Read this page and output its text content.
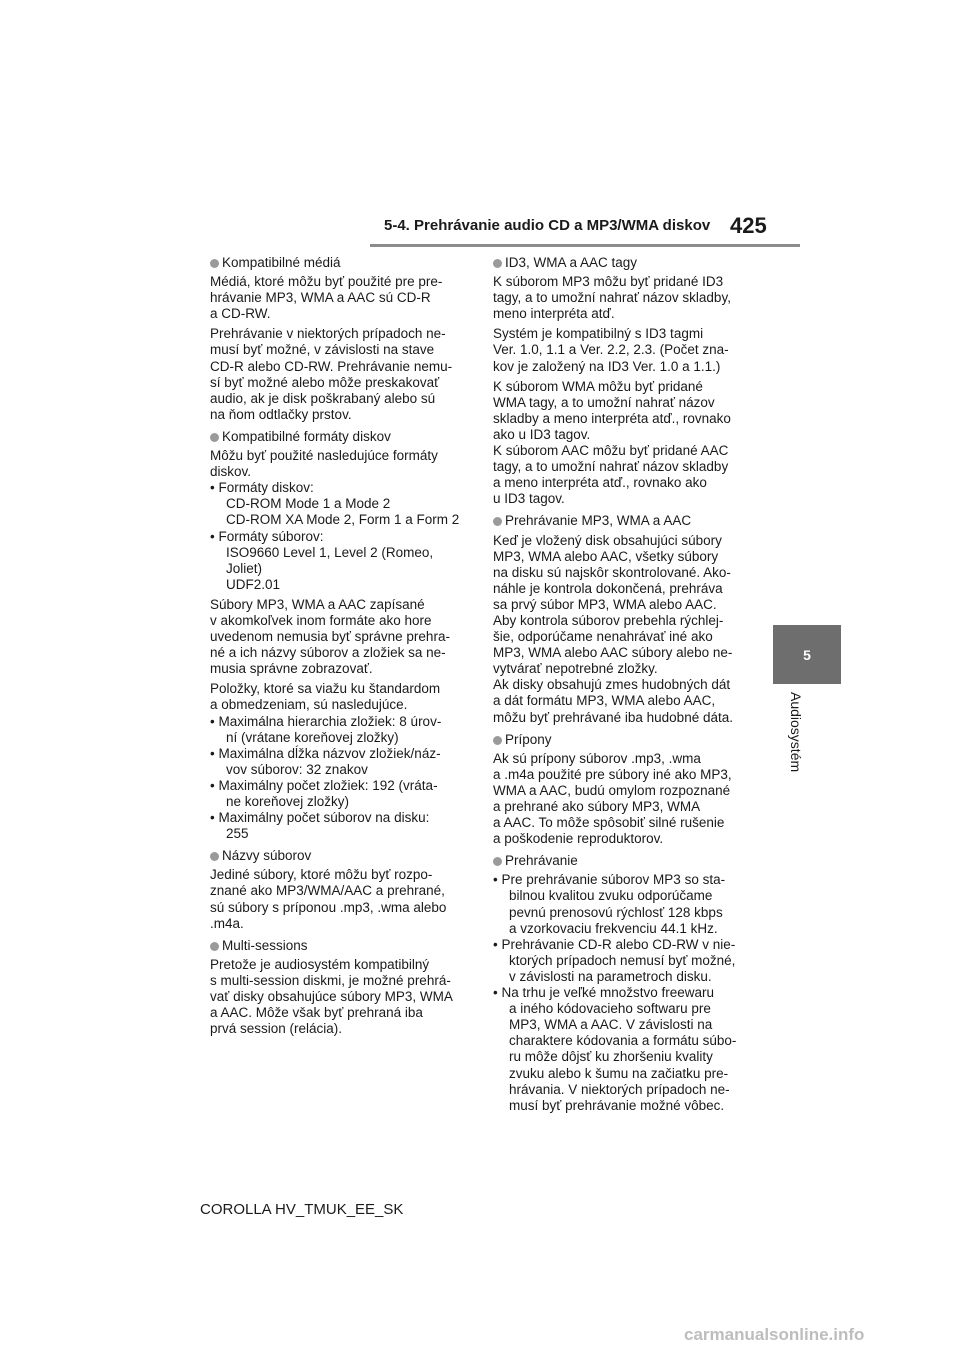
5-4. Prehrávanie audio CD a MP3/WMA diskov 425
5
Audiosystém
Kompatibilné médiá
Médiá, ktoré môžu byť použité pre pre-
hrávanie MP3, WMA a AAC sú CD-R
a CD-RW.
Prehrávanie v niektorých prípadoch ne-
musí byť možné, v závislosti na stave
CD-R alebo CD-RW. Prehrávanie nemu-
sí byť možné alebo môže preskakovať
audio, ak je disk poškrabaný alebo sú
na ňom odtlačky prstov.
Kompatibilné formáty diskov
Môžu byť použité nasledujúce formáty
diskov.
• Formáty diskov:
CD-ROM Mode 1 a Mode 2
CD-ROM XA Mode 2, Form 1 a Form 2
• Formáty súborov:
ISO9660 Level 1, Level 2 (Romeo,
Joliet)
UDF2.01
Súbory MP3, WMA a AAC zapísané
v akomkoľvek inom formáte ako hore
uvedenom nemusia byť správne prehra-
né a ich názvy súborov a zložiek sa ne-
musia správne zobrazovať.
Položky, ktoré sa viažu ku štandardom
a obmedzeniam, sú nasledujúce.
• Maximálna hierarchia zložiek: 8 úrov-
ní (vrátane koreňovej zložky)
• Maximálna dĺžka názvov zložiek/náz-
vov súborov: 32 znakov
• Maximálny počet zložiek: 192 (vráta-
ne koreňovej zložky)
• Maximálny počet súborov na disku:
255
Názvy súborov
Jediné súbory, ktoré môžu byť rozpo-
znané ako MP3/WMA/AAC a prehrané,
sú súbory s príponou .mp3, .wma alebo
.m4a.
Multi-sessions
Pretože je audiosystém kompatibilný
s multi-session diskmi, je možné prehrá-
vať disky obsahujúce súbory MP3, WMA
a AAC. Môže však byť prehraná iba
prvá session (relácia).
ID3, WMA a AAC tagy
K súborom MP3 môžu byť pridané ID3
tagy, a to umožní nahrať názov skladby,
meno interpréta atď.
Systém je kompatibilný s ID3 tagmi
Ver. 1.0, 1.1 a Ver. 2.2, 2.3. (Počet zna-
kov je založený na ID3 Ver. 1.0 a 1.1.)
K súborom WMA môžu byť pridané
WMA tagy, a to umožní nahrať názov
skladby a meno interpréta atď., rovnako
ako u ID3 tagov.
K súborom AAC môžu byť pridané AAC
tagy, a to umožní nahrať názov skladby
a meno interpréta atď., rovnako ako
u ID3 tagov.
Prehrávanie MP3, WMA a AAC
Keď je vložený disk obsahujúci súbory
MP3, WMA alebo AAC, všetky súbory
na disku sú najskôr skontrolované. Ako-
náhle je kontrola dokončená, prehráva
sa prvý súbor MP3, WMA alebo AAC.
Aby kontrola súborov prebehla rýchlej-
šie, odporúčame nenahrávať iné ako
MP3, WMA alebo AAC súbory alebo ne-
vytvárať nepotrebné zložky.
Ak disky obsahujú zmes hudobných dát
a dát formátu MP3, WMA alebo AAC,
môžu byť prehrávané iba hudobné dáta.
Prípony
Ak sú prípony súborov .mp3, .wma
a .m4a použité pre súbory iné ako MP3,
WMA a AAC, budú omylom rozpoznané
a prehrané ako súbory MP3, WMA
a AAC. To môže spôsobiť silné rušenie
a poškodenie reproduktorov.
Prehrávanie
• Pre prehrávanie súborov MP3 so sta-
bilnou kvalitou zvuku odporúčame
pevnú prenosovú rýchlosť 128 kbps
a vzorkovaciu frekvenciu 44.1 kHz.
• Prehrávanie CD-R alebo CD-RW v nie-
ktorých prípadoch nemusí byť možné,
v závislosti na parametroch disku.
• Na trhu je veľké množstvo freewaru
a iného kódovacieho softwaru pre
MP3, WMA a AAC. V závislosti na
charaktere kódovania a formátu súbo-
ru môže dôjsť ku zhoršeniu kvality
zvuku alebo k šumu na začiatku pre-
hrávania. V niektorých prípadoch ne-
musí byť prehrávanie možné vôbec.
COROLLA HV_TMUK_EE_SK
carmanualsonline.info
